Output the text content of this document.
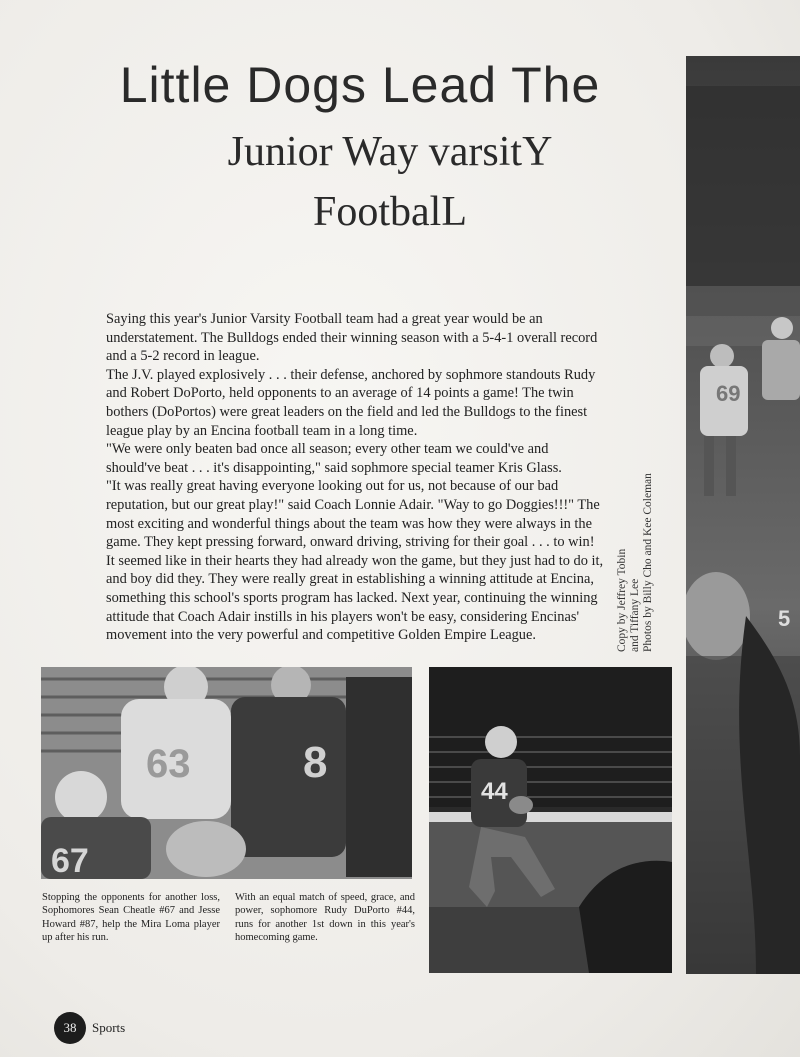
Little Dogs Lead The
Junior Way varsitY
FootbalL
69
5

Saying this year's Junior Varsity Football team had a great year would be an understatement. The Bulldogs ended their winning season with a 5-4-1 overall record and a 5-2 record in league.

The J.V. played explosively . . . their defense, anchored by sophmore standouts Rudy and Robert DoPorto, held opponents to an average of 14 points a game! The twin bothers (DoPortos) were great leaders on the field and led the Bulldogs to the finest league play by an Encina football team in a long time.

"We were only beaten bad once all season; every other team we could've and should've beat . . . it's disappointing," said sophmore special teamer Kris Glass.

"It was really great having everyone looking out for us, not because of our bad reputation, but our great play!" said Coach Lonnie Adair. "Way to go Doggies!!!" The most exciting and wonderful things about the team was how they were always in the game. They kept pressing forward, onward driving, striving for their goal . . . to win! It seemed like in their hearts they had already won the game, but they just had to do it, and boy did they. They were really great in establishing a winning attitude at Encina, something this school's sports program has lacked. Next year, continuing the winning attitude that Coach Adair instills in his players won't be easy, considering Encinas' movement into the very powerful and competitive Golden Empire League.	Copy by Jeffrey Tobin and Tiffany Lee Photos by Billy Cho and Kee Coleman
63	8
67
44
Stopping the opponents for another loss, Sophomores Sean Cheatle #67 and Jesse Howard #87, help the Mira Loma player up after his run.
With an equal match of speed, grace, and power, sophomore Rudy DuPorto #44, runs for another 1st down in this year's homecoming game.
38	Sports
